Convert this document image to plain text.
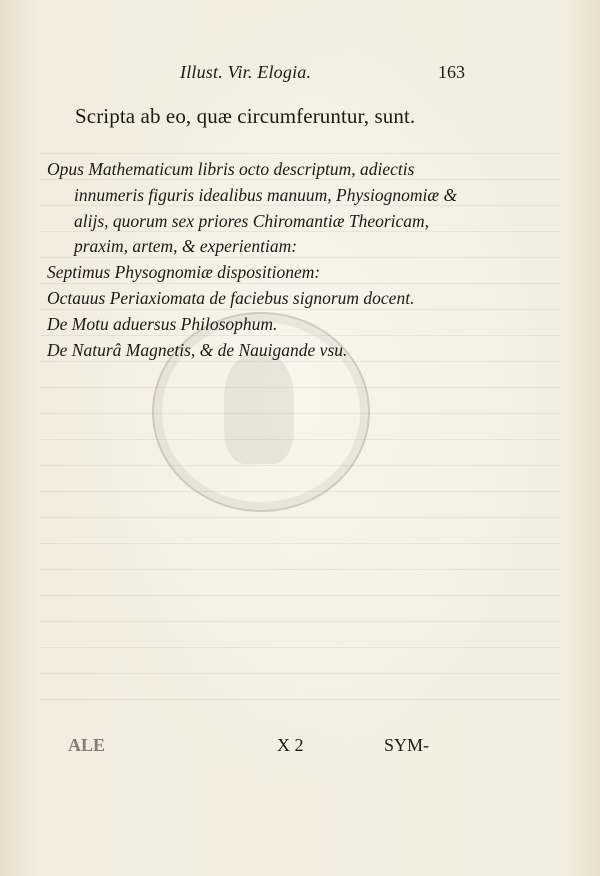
Illust. Vir. Elogia.	163
Scripta ab eo, quæ circumferuntur, sunt.

Opus Mathematicum libris octo descriptum, adiectis innumeris figuris idealibus manuum, Physiognomiæ & alijs, quorum sex priores Chiromantiæ Theoricam, praxim, artem, & experientiam:

Septimus Physognomiæ dispositionem:

Octauus Periaxiomata de faciebus signorum docent.

De Motu aduersus Philosophum.

De Naturâ Magnetis, & de Nauigande vsu.

ALE	X 2	SYM-
